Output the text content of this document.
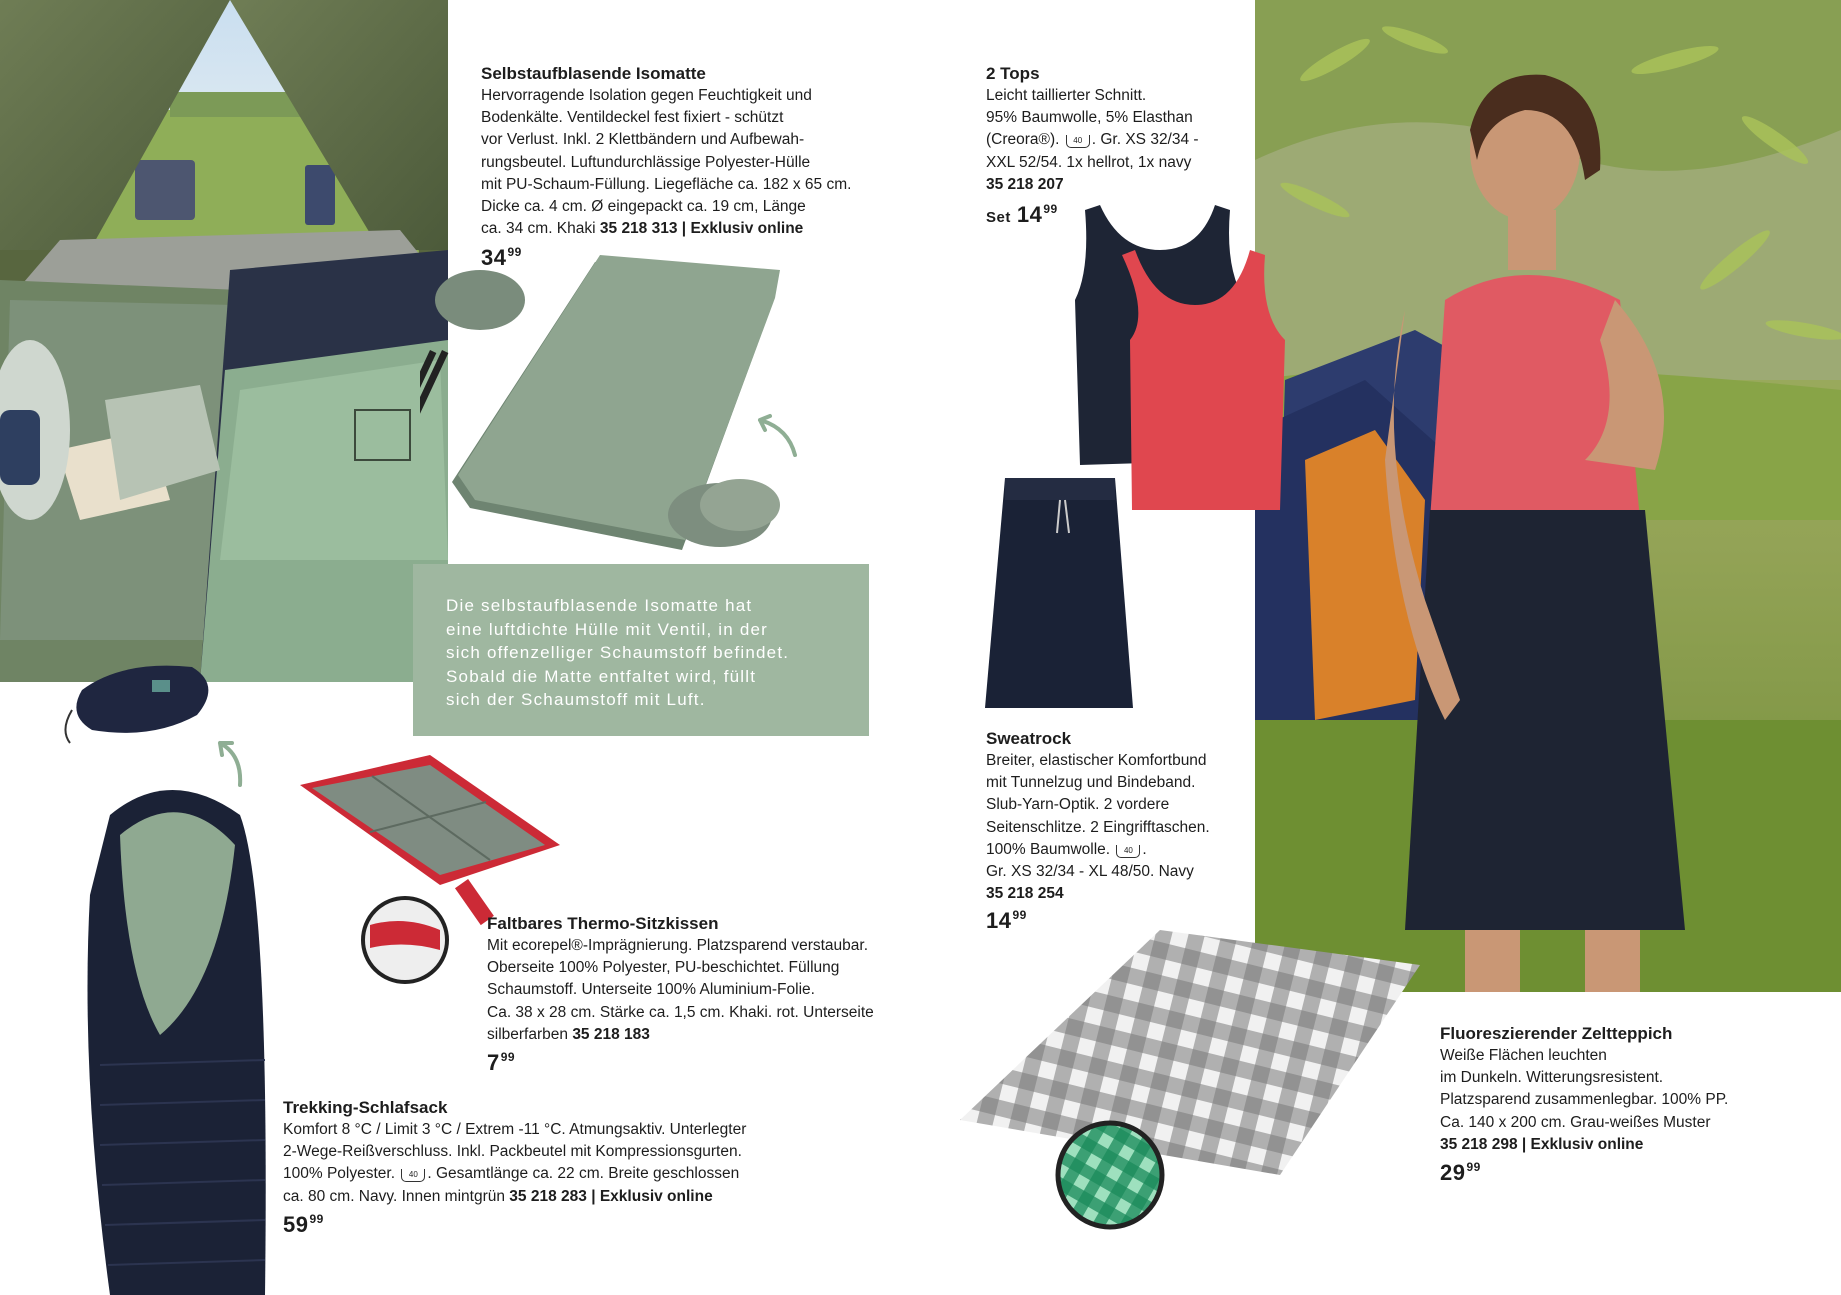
Selbstaufblasende Isomatte
Hervorragende Isolation gegen Feuchtigkeit und
Bodenkälte. Ventildeckel fest fixiert - schützt
vor Verlust. Inkl. 2 Klettbändern und Aufbewah-
rungsbeutel. Luftundurchlässige Polyester-Hülle
mit PU-Schaum-Füllung. Liegefläche ca. 182 x 65 cm.
Dicke ca. 4 cm. Ø eingepackt ca. 19 cm, Länge
ca. 34 cm. Khaki 35 218 313 | Exklusiv online
$34^{99}$
Die selbstaufblasende Isomatte hat
eine luftdichte Hülle mit Ventil, in der
sich offenzelliger Schaumstoff befindet.
Sobald die Matte entfaltet wird, füllt
sich der Schaumstoff mit Luft.
Faltbares Thermo-Sitzkissen
Mit ecorepel®-Imprägnierung. Platzsparend verstaubar.
Oberseite 100% Polyester, PU-beschichtet. Füllung
Schaumstoff. Unterseite 100% Aluminium-Folie.
Ca. 38 x 28 cm. Stärke ca. 1,5 cm. Khaki. rot. Unterseite
silberfarben 35 218 183
$7^{99}$
Trekking-Schlafsack
Komfort 8 °C / Limit 3 °C / Extrem -11 °C. Atmungsaktiv. Unterlegter
2-Wege-Reißverschluss. Inkl. Packbeutel mit Kompressionsgurten.
100% Polyester. 40 . Gesamtlänge ca. 22 cm. Breite geschlossen
ca. 80 cm. Navy. Innen mintgrün 35 218 283 | Exklusiv online
$59^{99}$
2 Tops
Leicht taillierter Schnitt.
95% Baumwolle, 5% Elasthan
(Creora®). 40 . Gr. XS 32/34 -
XXL 52/54. 1x hellrot, 1x navy
35 218 207
Set $14^{99}$
Sweatrock
Breiter, elastischer Komfortbund
mit Tunnelzug und Bindeband.
Slub-Yarn-Optik. 2 vordere
Seitenschlitze. 2 Eingrifftaschen.
100% Baumwolle. 40 .
Gr. XS 32/34 - XL 48/50. Navy
35 218 254
$14^{99}$
Fluoreszierender Zeltteppich
Weiße Flächen leuchten
im Dunkeln. Witterungsresistent.
Platzsparend zusammenlegbar. 100% PP.
Ca. 140 x 200 cm. Grau-weißes Muster
35 218 298 | Exklusiv online
$29^{99}$
